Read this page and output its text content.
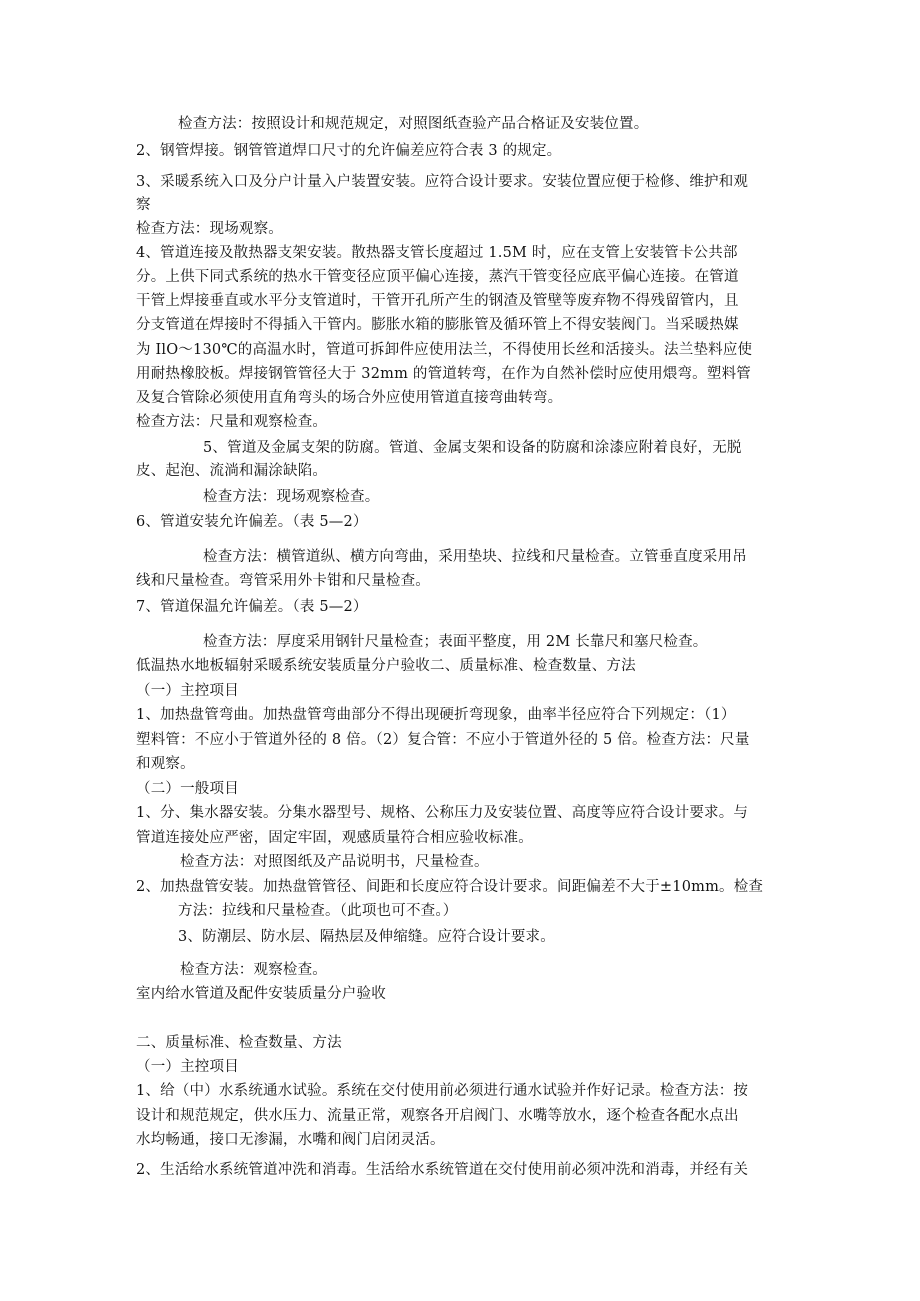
检查方法：按照设计和规范规定，对照图纸查验产品合格证及安装位置。

2、钢管焊接。钢管管道焊口尺寸的允许偏差应符合表 3 的规定。

3、采暖系统入口及分户计量入户装置安装。应符合设计要求。安装位置应便于检修、维护和观

察

检查方法：现场观察。

4、管道连接及散热器支架安装。散热器支管长度超过 1.5M 时，应在支管上安装管卡公共部

分。上供下同式系统的热水干管变径应顶平偏心连接，蒸汽干管变径应底平偏心连接。在管道

干管上焊接垂直或水平分支管道时，干管开孔所产生的钢渣及管壁等废弃物不得残留管内，且

分支管道在焊接时不得插入干管内。膨胀水箱的膨胀管及循环管上不得安装阀门。当采暖热媒

为 IlO～130℃的高温水时，管道可拆卸件应使用法兰，不得使用长丝和活接头。法兰垫料应使

用耐热橡胶板。焊接钢管管径大于 32mm 的管道转弯，在作为自然补偿时应使用煨弯。塑料管

及复合管除必须使用直角弯头的场合外应使用管道直接弯曲转弯。

检查方法：尺量和观察检查。

5、管道及金属支架的防腐。管道、金属支架和设备的防腐和涂漆应附着良好，无脱

皮、起泡、流淌和漏涂缺陷。

检查方法：现场观察检查。

6、管道安装允许偏差。（表 5—2）

检查方法：横管道纵、横方向弯曲，采用垫块、拉线和尺量检查。立管垂直度采用吊

线和尺量检查。弯管采用外卡钳和尺量检查。

7、管道保温允许偏差。（表 5—2）

检查方法：厚度采用钢针尺量检查；表面平整度，用 2M 长靠尺和塞尺检查。

低温热水地板辐射采暖系统安装质量分户验收二、质量标准、检查数量、方法

（一）主控项目

1、加热盘管弯曲。加热盘管弯曲部分不得出现硬折弯现象，曲率半径应符合下列规定：（1）

塑料管：不应小于管道外径的 8 倍。（2）复合管：不应小于管道外径的 5 倍。检查方法：尺量

和观察。

（二）一般项目

1、分、集水器安装。分集水器型号、规格、公称压力及安装位置、高度等应符合设计要求。与

管道连接处应严密，固定牢固，观感质量符合相应验收标准。

检查方法：对照图纸及产品说明书，尺量检查。

2、加热盘管安装。加热盘管管径、间距和长度应符合设计要求。间距偏差不大于±10mm。检查

方法：拉线和尺量检查。（此项也可不查。）

3、防潮层、防水层、隔热层及伸缩缝。应符合设计要求。

检查方法：观察检查。

室内给水管道及配件安装质量分户验收

二、质量标准、检查数量、方法

（一）主控项目

1、给（中）水系统通水试验。系统在交付使用前必须进行通水试验并作好记录。检查方法：按

设计和规范规定，供水压力、流量正常，观察各开启阀门、水嘴等放水，逐个检查各配水点出

水均畅通，接口无渗漏，水嘴和阀门启闭灵活。

2、生活给水系统管道冲洗和消毒。生活给水系统管道在交付使用前必须冲洗和消毒，并经有关
